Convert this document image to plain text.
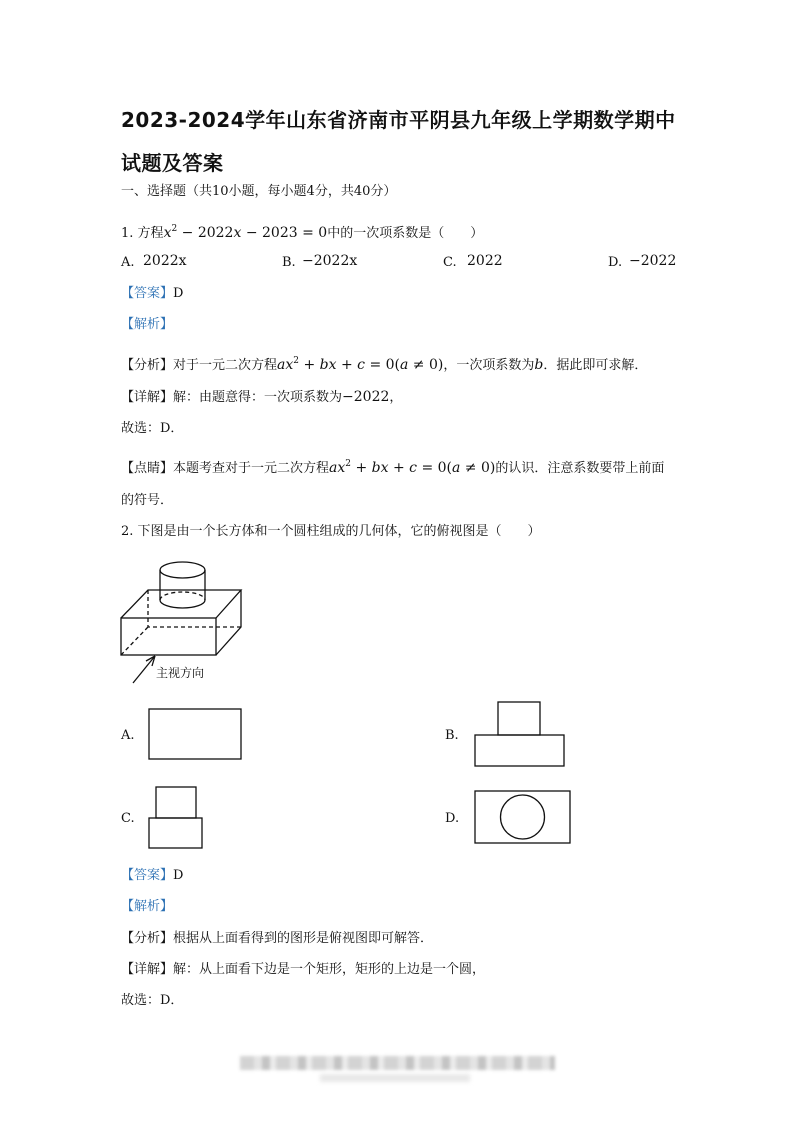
2023-2024学年山东省济南市平阴县九年级上学期数学期中
试题及答案
一、选择题（共10小题，每小题4分，共40分）
1. 方程$x^2 - 2022x - 2023 = 0$中的一次项系数是（　　）
A. 2022x	B. −2022x	C. 2022	D. −2022
【答案】D
【解析】
【分析】对于一元二次方程$ax^2$ + bx + c = 0(a ≠ 0)，一次项系数为b．据此即可求解．
【详解】解：由题意得：一次项系数为−2022，
故选：D．
【点睛】本题考查对于一元二次方程$ax^2$ + bx + c = 0(a ≠ 0)的认识．注意系数要带上前面
的符号．
2. 下图是由一个长方体和一个圆柱组成的几何体，它的俯视图是（　　）
主视方向
A.	B.
C.	D.
【答案】D
【解析】
【分析】根据从上面看得到的图形是俯视图即可解答．
【详解】解：从上面看下边是一个矩形，矩形的上边是一个圆，
故选：D．
